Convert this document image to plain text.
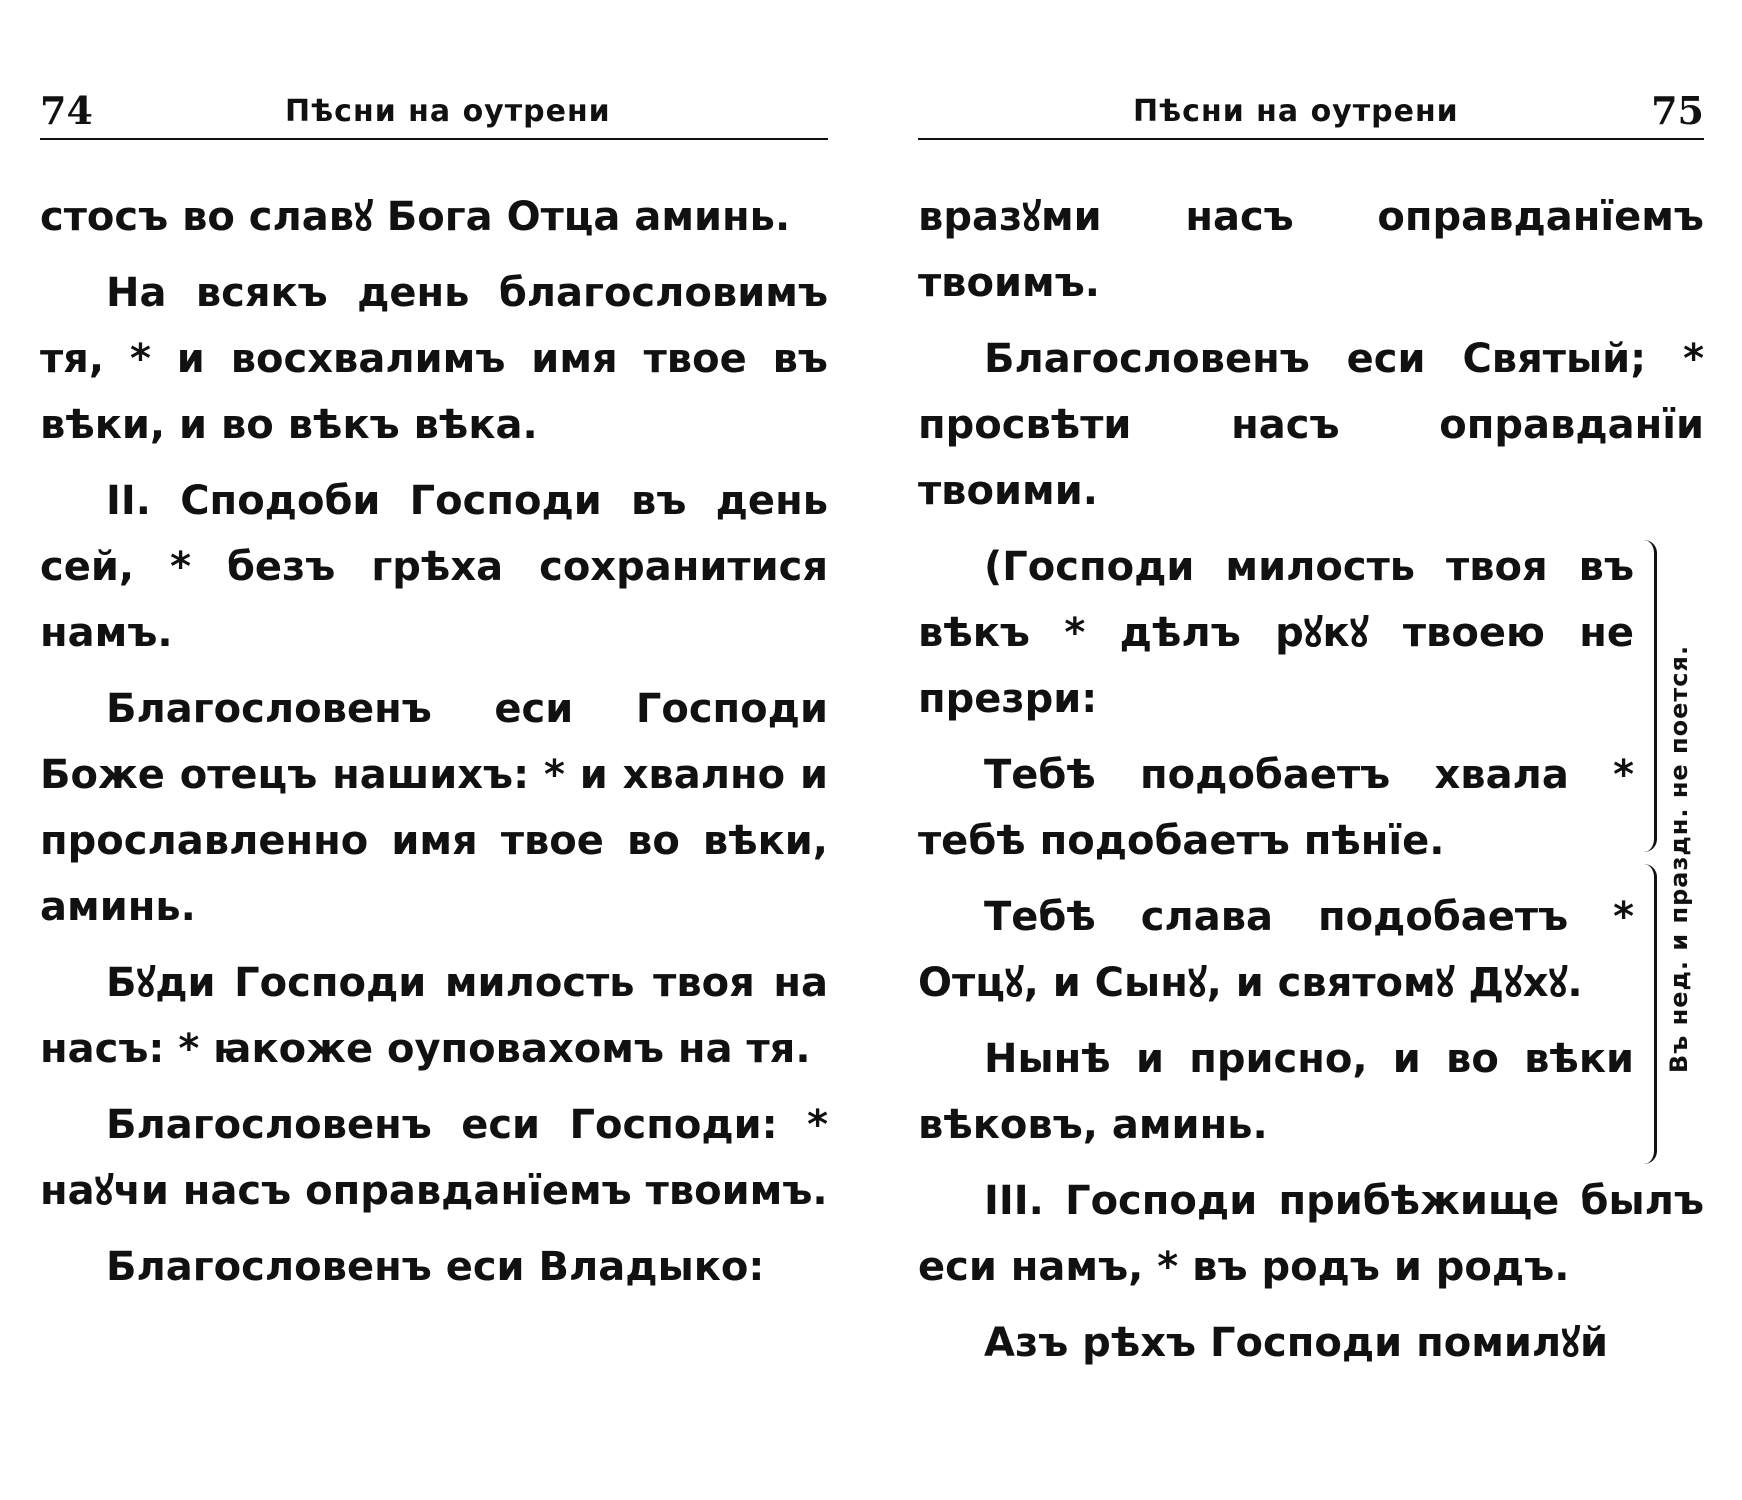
74	Пѣсни на оутрени

стосъ во славꙋ Бога Отца аминь.

На всякъ день благословимъ тя, * и восхвалимъ имя твое въ вѣки, и во вѣкъ вѣка.

II. Сподоби Господи въ день сей, * безъ грѣха сохранитися намъ.

Благословенъ еси Господи Боже отецъ нашихъ: * и хвално и прославленно имя твое во вѣки, аминь.

Бꙋди Господи милость твоя на насъ: * ꙗкоже оуповахомъ на тя.

Благословенъ еси Господи: * наꙋчи насъ оправданїемъ твоимъ.

Благословенъ еси Владыко:

Пѣсни на оутрени	75

вразꙋми насъ оправданїемъ твоимъ.

Благословенъ еси Святый; * просвѣти насъ оправданїи твоими.

(Господи милость твоя въ вѣкъ * дѣлъ рꙋкꙋ твоею не презри:

Тебѣ подобаетъ хвала * тебѣ подобаетъ пѣнїе.

Тебѣ слава подобаетъ * Отцꙋ, и Сынꙋ, и святомꙋ Дꙋхꙋ.

Нынѣ и присно, и во вѣки вѣковъ, аминь.

Въ нед. и праздн. не поется.

III. Господи прибѣжище былъ еси намъ, * въ родъ и родъ.

Азъ рѣхъ Господи помилꙋй
